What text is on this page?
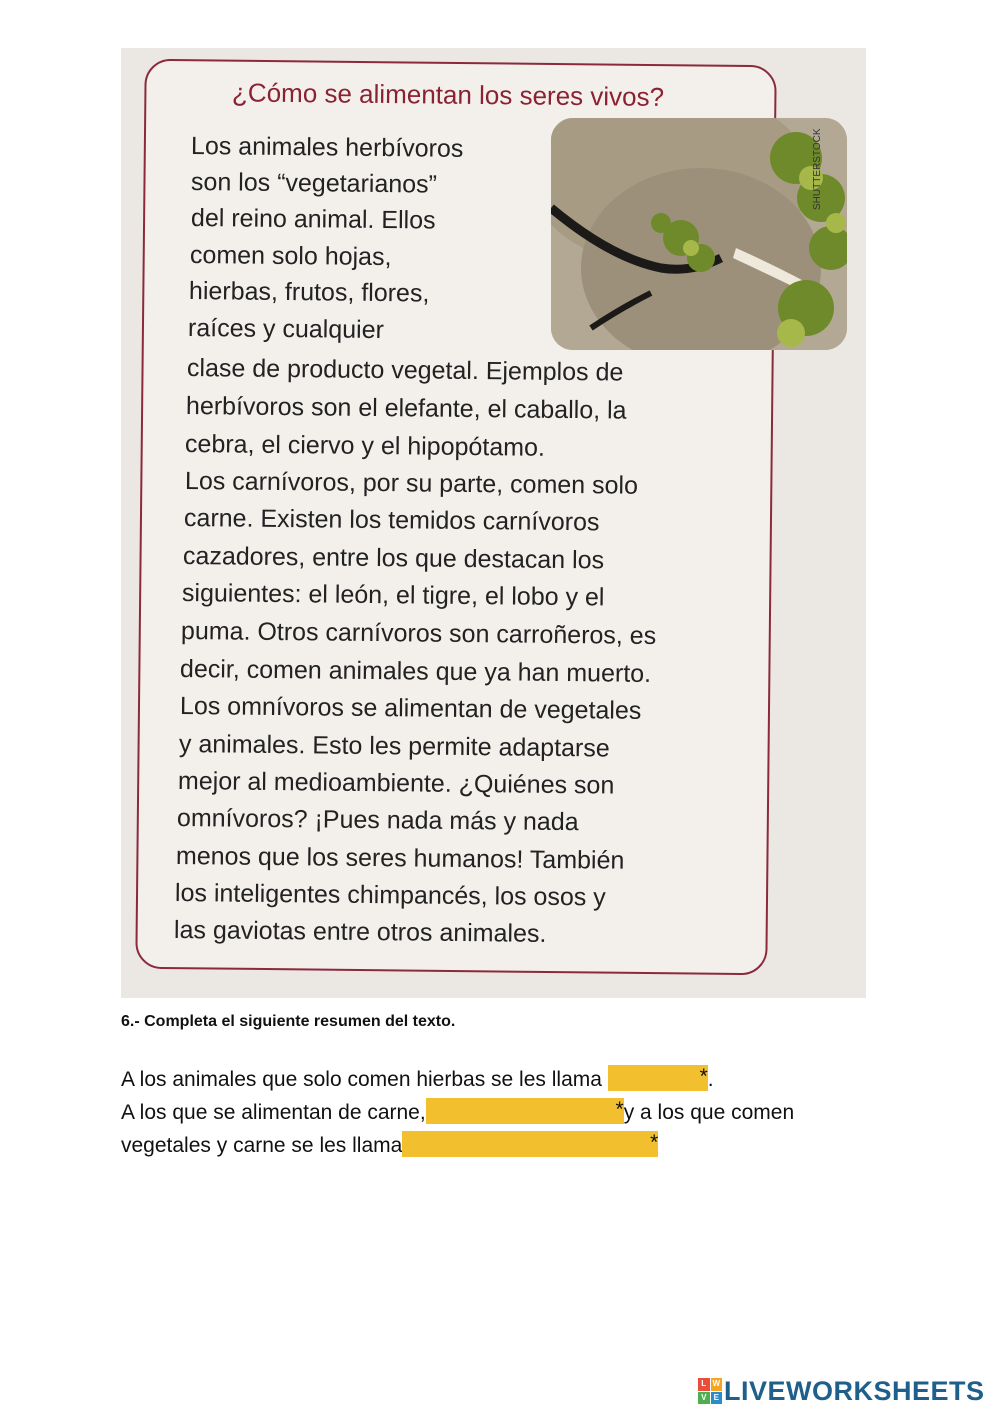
¿Cómo se alimentan los seres vivos?
SHUTTERSTOCK
Los animales herbívoros
son los “vegetarianos”
del reino animal. Ellos
comen solo hojas,
hierbas, frutos, flores,
raíces y cualquier
clase de producto vegetal. Ejemplos de
herbívoros son el elefante, el caballo, la
cebra, el ciervo y el hipopótamo.
Los carnívoros, por su parte, comen solo
carne. Existen los temidos carnívoros
cazadores, entre los que destacan los
siguientes: el león, el tigre, el lobo y el
puma. Otros carnívoros son carroñeros, es
decir, comen animales que ya han muerto.
Los omnívoros se alimentan de vegetales
y animales. Esto les permite adaptarse
mejor al medioambiente. ¿Quiénes son
omnívoros? ¡Pues nada más y nada
menos que los seres humanos! También
los inteligentes chimpancés, los osos y
las gaviotas entre otros animales.
6.- Completa el siguiente resumen del texto.
A los animales que solo comen hierbas se les llama	* .
A los que se alimentan de carne,	* y a los que comen
vegetales y carne se les llama	*
L W
V E LIVEWORKSHEETS
